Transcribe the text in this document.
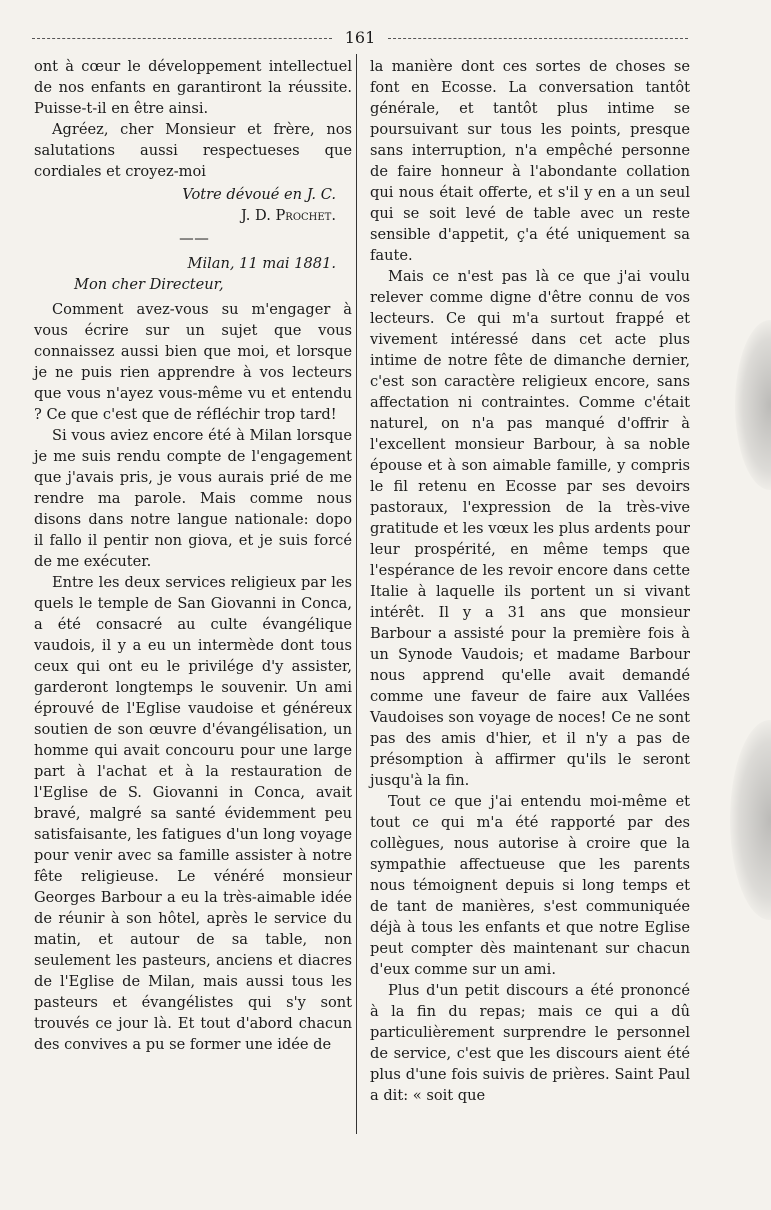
161

ont à cœur le développement intellectuel de nos enfants en garantiront la réussite. Puisse-t-il en être ainsi.

Agréez, cher Monsieur et frère, nos salutations aussi respectueses que cordiales et croyez-moi

Votre dévoué en J. C.
J. D. Prochet.
— —
Milan, 11 mai 1881.
Mon cher Directeur,

Comment avez-vous su m'engager à vous écrire sur un sujet que vous connaissez aussi bien que moi, et lorsque je ne puis rien apprendre à vos lecteurs que vous n'ayez vous-même vu et entendu ? Ce que c'est que de réfléchir trop tard!

Si vous aviez encore été à Milan lorsque je me suis rendu compte de l'engagement que j'avais pris, je vous aurais prié de me rendre ma parole. Mais comme nous disons dans notre langue nationale: dopo il fallo il pentir non giova, et je suis forcé de me exécuter.

Entre les deux services religieux par les quels le temple de San Giovanni in Conca, a été consacré au culte évangélique vaudois, il y a eu un intermède dont tous ceux qui ont eu le privilége d'y assister, garderont longtemps le souvenir. Un ami éprouvé de l'Eglise vaudoise et généreux soutien de son œuvre d'évangélisation, un homme qui avait concouru pour une large part à l'achat et à la restauration de l'Eglise de S. Giovanni in Conca, avait bravé, malgré sa santé évidemment peu satisfaisante, les fatigues d'un long voyage pour venir avec sa famille assister à notre fête religieuse. Le vénéré monsieur Georges Barbour a eu la très-aimable idée de réunir à son hôtel, après le service du matin, et autour de sa table, non seulement les pasteurs, anciens et diacres de l'Eglise de Milan, mais aussi tous les pasteurs et évangélistes qui s'y sont trouvés ce jour là. Et tout d'abord chacun des convives a pu se former une idée de

la manière dont ces sortes de choses se font en Ecosse. La conversation tantôt générale, et tantôt plus intime se poursuivant sur tous les points, presque sans interruption, n'a empêché personne de faire honneur à l'abondante collation qui nous était offerte, et s'il y en a un seul qui se soit levé de table avec un reste sensible d'appetit, ç'a été uniquement sa faute.

Mais ce n'est pas là ce que j'ai voulu relever comme digne d'être connu de vos lecteurs. Ce qui m'a surtout frappé et vivement intéressé dans cet acte plus intime de notre fête de dimanche dernier, c'est son caractère religieux encore, sans affectation ni contraintes. Comme c'était naturel, on n'a pas manqué d'offrir à l'excellent monsieur Barbour, à sa noble épouse et à son aimable famille, y compris le fil retenu en Ecosse par ses devoirs pastoraux, l'expression de la très-vive gratitude et les vœux les plus ardents pour leur prospérité, en même temps que l'espérance de les revoir encore dans cette Italie à laquelle ils portent un si vivant intérêt. Il y a 31 ans que monsieur Barbour a assisté pour la première fois à un Synode Vaudois; et madame Barbour nous apprend qu'elle avait demandé comme une faveur de faire aux Vallées Vaudoises son voyage de noces! Ce ne sont pas des amis d'hier, et il n'y a pas de présomption à affirmer qu'ils le seront jusqu'à la fin.

Tout ce que j'ai entendu moi-même et tout ce qui m'a été rapporté par des collègues, nous autorise à croire que la sympathie affectueuse que les parents nous témoignent depuis si long temps et de tant de manières, s'est communiquée déjà à tous les enfants et que notre Eglise peut compter dès maintenant sur chacun d'eux comme sur un ami.

Plus d'un petit discours a été prononcé à la fin du repas; mais ce qui a dû particulièrement surprendre le personnel de service, c'est que les discours aient été plus d'une fois suivis de prières. Saint Paul a dit: « soit que
